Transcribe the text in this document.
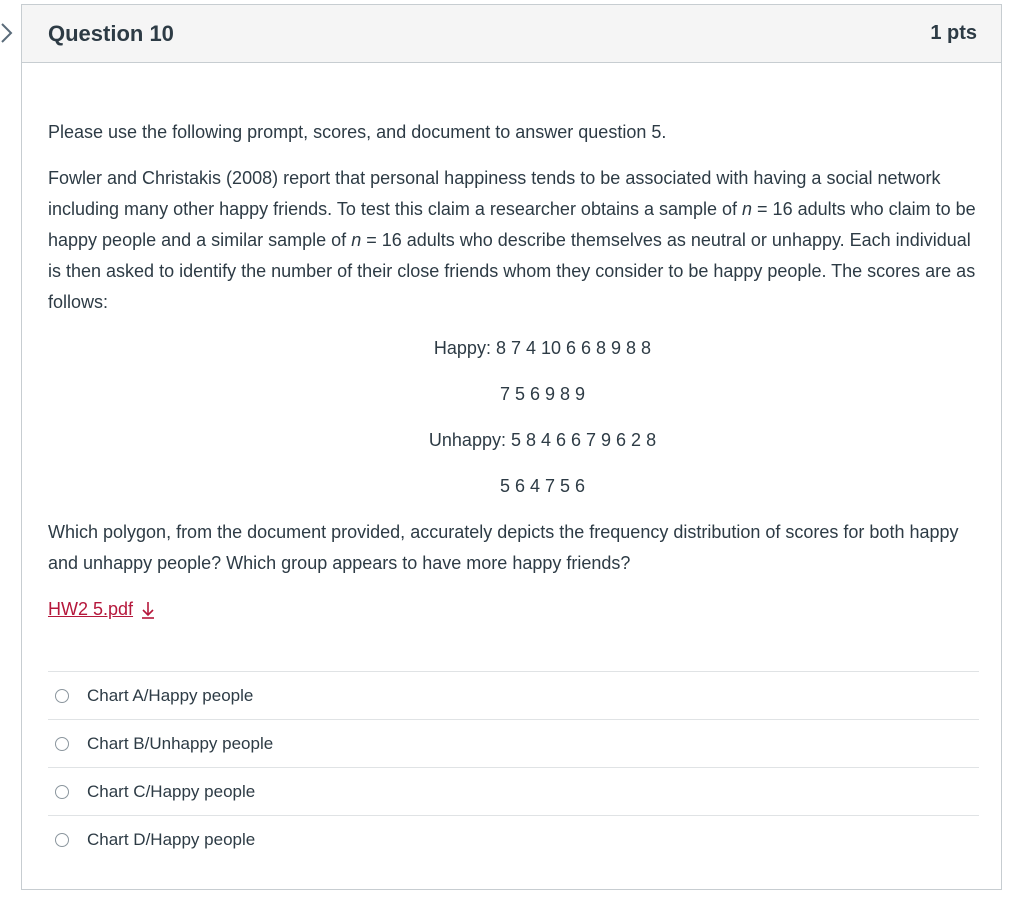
Question 10	1 pts

Please use the following prompt, scores, and document to answer question 5.

Fowler and Christakis (2008) report that personal happiness tends to be associated with having a social network including many other happy friends. To test this claim a researcher obtains a sample of n = 16 adults who claim to be happy people and a similar sample of n = 16 adults who describe themselves as neutral or unhappy. Each individual is then asked to identify the number of their close friends whom they consider to be happy people. The scores are as follows:

Happy: 8 7 4 10 6 6 8 9 8 8

7 5 6 9 8 9

Unhappy: 5 8 4 6 6 7 9 6 2 8

5 6 4 7 5 6

Which polygon, from the document provided, accurately depicts the frequency distribution of scores for both happy and unhappy people? Which group appears to have more happy friends?

HW2 5.pdf

Chart A/Happy people
Chart B/Unhappy people
Chart C/Happy people
Chart D/Happy people
